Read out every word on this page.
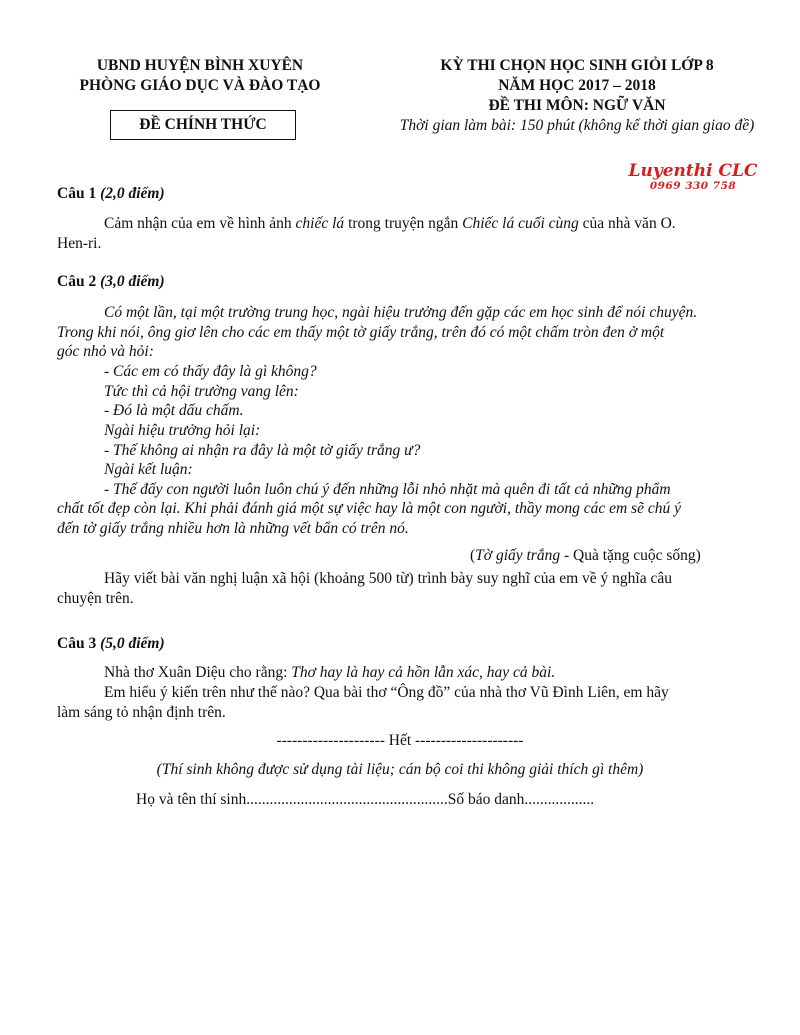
UBND HUYỆN BÌNH XUYÊN
PHÒNG GIÁO DỤC VÀ ĐÀO TẠO
ĐỀ CHÍNH THỨC
KỲ THI CHỌN HỌC SINH GIỎI LỚP 8
NĂM HỌC 2017 – 2018
ĐỀ THI MÔN: NGỮ VĂN
Thời gian làm bài: 150 phút (không kể thời gian giao đề)
Luyenthi CLC
0969 330 758
Câu 1 (2,0 điểm)
Cảm nhận của em về hình ảnh chiếc lá trong truyện ngắn Chiếc lá cuối cùng của nhà văn O.
Hen-ri.
Câu 2 (3,0 điểm)
Có một lần, tại một trường trung học, ngài hiệu trưởng đến gặp các em học sinh để nói chuyện.
Trong khi nói, ông giơ lên cho các em thấy một tờ giấy trắng, trên đó có một chấm tròn đen ở một
góc nhỏ và hỏi:
- Các em có thấy đây là gì không?
Tức thì cả hội trường vang lên:
- Đó là một dấu chấm.
Ngài hiệu trưởng hỏi lại:
- Thế không ai nhận ra đây là một tờ giấy trắng ư?
Ngài kết luận:
- Thế đấy con người luôn luôn chú ý đến những lỗi nhỏ nhặt mà quên đi tất cả những phẩm
chất tốt đẹp còn lại. Khi phải đánh giá một sự việc hay là một con người, thầy mong các em sẽ chú ý
đến tờ giấy trắng nhiều hơn là những vết bẩn có trên nó.
(Tờ giấy trắng - Quà tặng cuộc sống)
Hãy viết bài văn nghị luận xã hội (khoảng 500 từ) trình bày suy nghĩ của em về ý nghĩa câu
chuyện trên.
Câu 3 (5,0 điểm)
Nhà thơ Xuân Diệu cho rằng: Thơ hay là hay cả hồn lẫn xác, hay cả bài.
Em hiểu ý kiến trên như thế nào? Qua bài thơ “Ông đồ” của nhà thơ Vũ Đình Liên, em hãy
làm sáng tỏ nhận định trên.
--------------------- Hết ---------------------
(Thí sinh không được sử dụng tài liệu; cán bộ coi thi không giải thích gì thêm)
Họ và tên thí sinh....................................................Số báo danh..................
